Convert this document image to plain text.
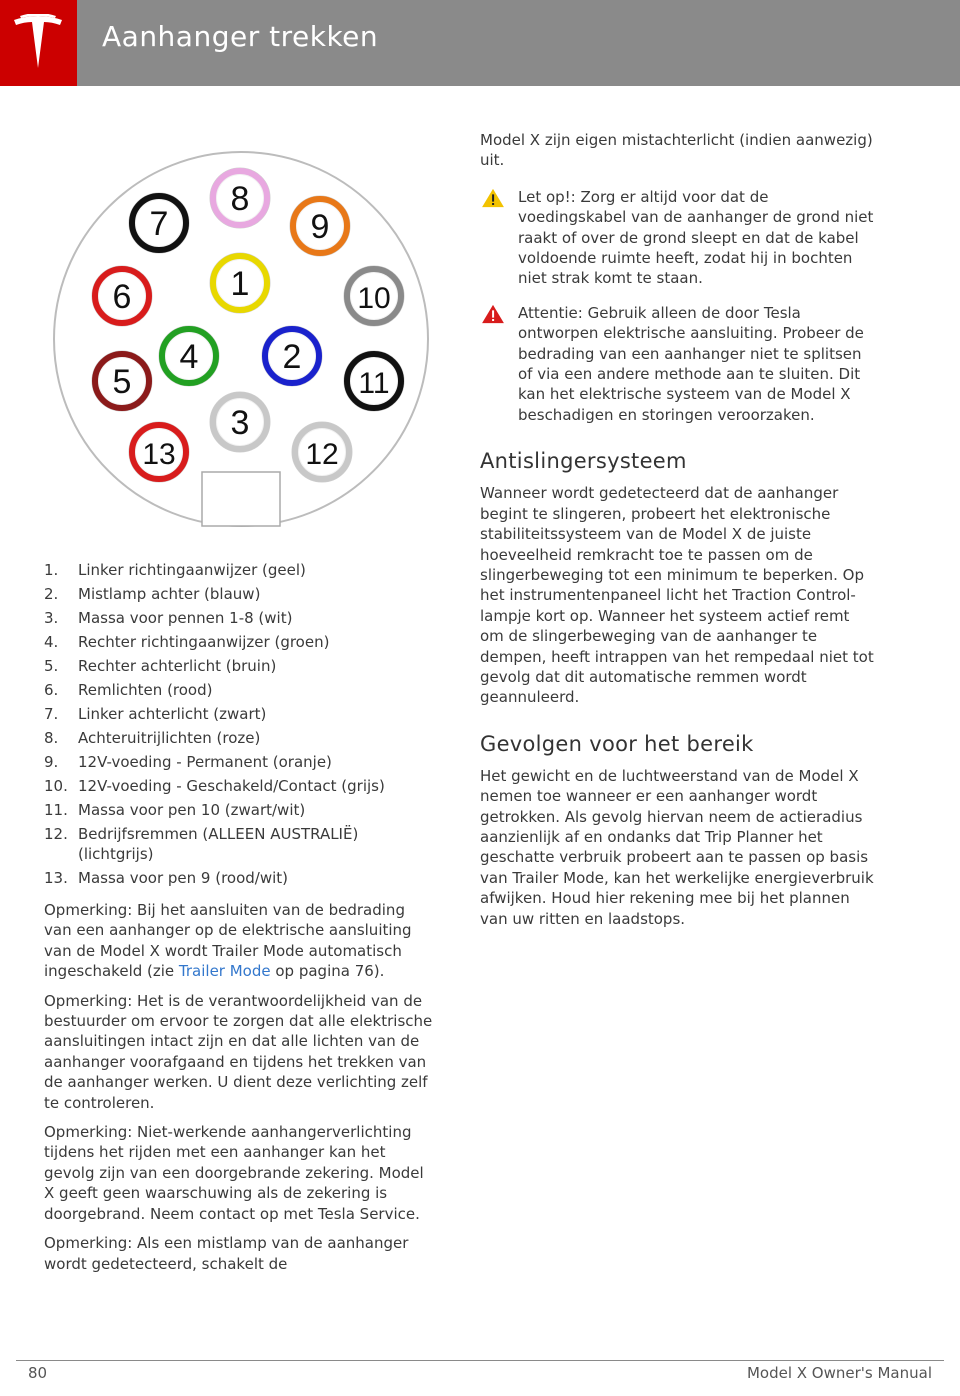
Aanhanger trekken
1
2
3
4
5
6
7
8
9
10
11
12
13
1. Linker richtingaanwijzer (geel)
2. Mistlamp achter (blauw)
3. Massa voor pennen 1-8 (wit)
4. Rechter richtingaanwijzer (groen)
5. Rechter achterlicht (bruin)
6. Remlichten (rood)
7. Linker achterlicht (zwart)
8. Achteruitrijlichten (roze)
9. 12V-voeding - Permanent (oranje)
10. 12V-voeding - Geschakeld/Contact (grijs)
11. Massa voor pen 10 (zwart/wit)
12. Bedrijfsremmen (ALLEEN AUSTRALIË) (lichtgrijs)
13. Massa voor pen 9 (rood/wit)

Opmerking: Bij het aansluiten van de bedrading van een aanhanger op de elektrische aansluiting van de Model X wordt Trailer Mode automatisch ingeschakeld (zie Trailer Mode op pagina 76).

Opmerking: Het is de verantwoordelijkheid van de bestuurder om ervoor te zorgen dat alle elektrische aansluitingen intact zijn en dat alle lichten van de aanhanger voorafgaand en tijdens het trekken van de aanhanger werken. U dient deze verlichting zelf te controleren.

Opmerking: Niet-werkende aanhangerverlichting tijdens het rijden met een aanhanger kan het gevolg zijn van een doorgebrande zekering. Model X geeft geen waarschuwing als de zekering is doorgebrand. Neem contact op met Tesla Service.

Opmerking: Als een mistlamp van de aanhanger wordt gedetecteerd, schakelt de

Model X zijn eigen mistachterlicht (indien aanwezig) uit.

Let op!: Zorg er altijd voor dat de voedingskabel van de aanhanger de grond niet raakt of over de grond sleept en dat de kabel voldoende ruimte heeft, zodat hij in bochten niet strak komt te staan.
Attentie: Gebruik alleen de door Tesla ontworpen elektrische aansluiting. Probeer de bedrading van een aanhanger niet te splitsen of via een andere methode aan te sluiten. Dit kan het elektrische systeem van de Model X beschadigen en storingen veroorzaken.
Antislingersysteem

Wanneer wordt gedetecteerd dat de aanhanger begint te slingeren, probeert het elektronische stabiliteitssysteem van de Model X de juiste hoeveelheid remkracht toe te passen om de slingerbeweging tot een minimum te beperken. Op het instrumentenpaneel licht het Traction Control-lampje kort op. Wanneer het systeem actief remt om de slingerbeweging van de aanhanger te dempen, heeft intrappen van het rempedaal niet tot gevolg dat dit automatische remmen wordt geannuleerd.

Gevolgen voor het bereik

Het gewicht en de luchtweerstand van de Model X nemen toe wanneer er een aanhanger wordt getrokken. Als gevolg hiervan neem de actieradius aanzienlijk af en ondanks dat Trip Planner het geschatte verbruik probeert aan te passen op basis van Trailer Mode, kan het werkelijke energieverbruik afwijken. Houd hier rekening mee bij het plannen van uw ritten en laadstops.

80	Model X Owner's Manual
